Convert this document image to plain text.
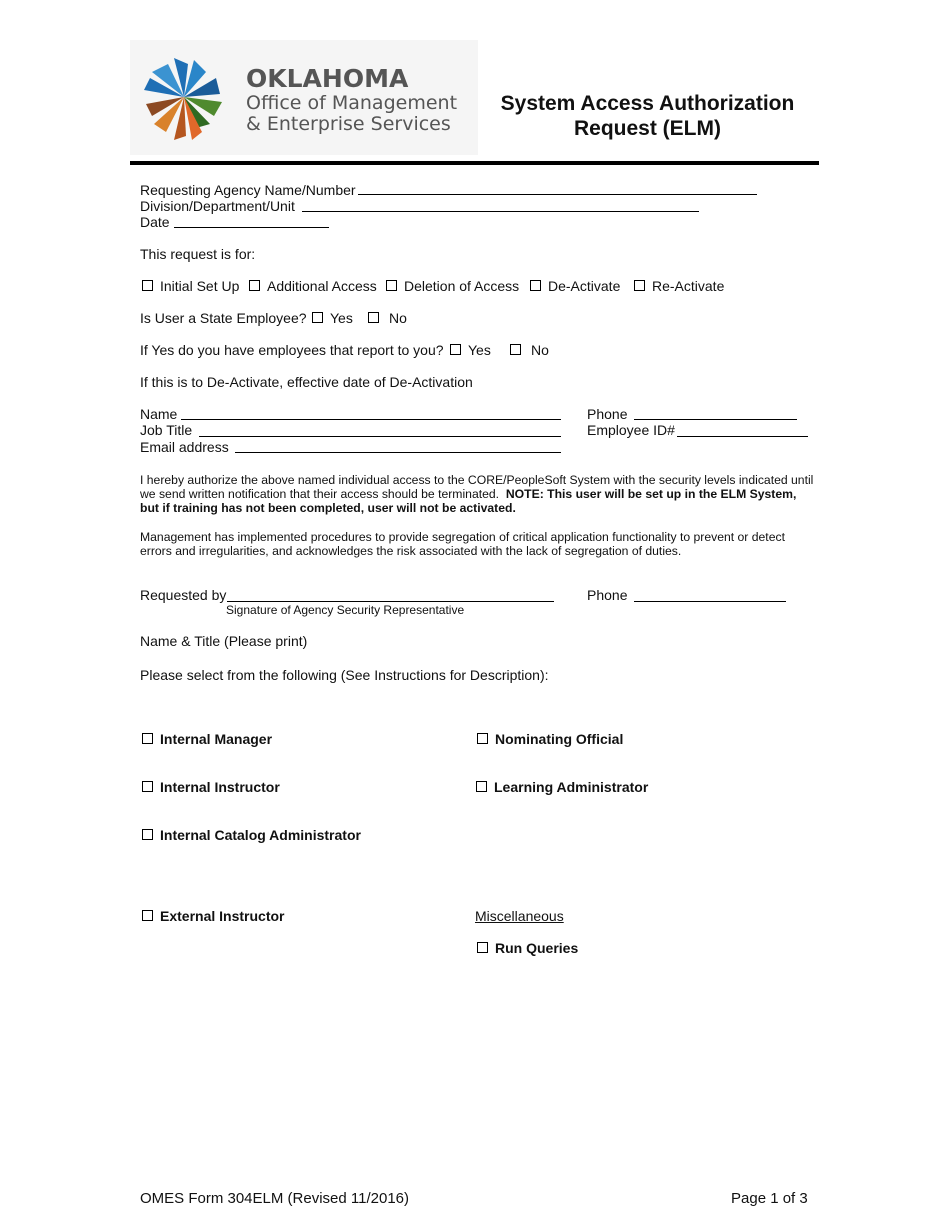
OKLAHOMA
Office of Management
& Enterprise Services
System Access Authorization Request (ELM)
Requesting Agency Name/Number
Division/Department/Unit
Date
This request is for:
Initial Set Up Additional Access Deletion of Access De-Activate Re-Activate
Is User a State Employee? Yes	No
If Yes do you have employees that report to you? Yes	No
If this is to De-Activate, effective date of De-Activation
Name
Job Title
Email address
Phone
Employee ID#
I hereby authorize the above named individual access to the CORE/PeopleSoft System with the security levels indicated until we send written notification that their access should be terminated. NOTE: This user will be set up in the ELM System, but if training has not been completed, user will not be activated.
Management has implemented procedures to provide segregation of critical application functionality to prevent or detect errors and irregularities, and acknowledges the risk associated with the lack of segregation of duties.
Requested by
Signature of Agency Security Representative
Phone
Name & Title (Please print)
Please select from the following (See Instructions for Description):
Internal Manager	Nominating Official
Internal Instructor	Learning Administrator
Internal Catalog Administrator
External Instructor	Miscellaneous
Run Queries
OMES Form 304ELM (Revised 11/2016)	Page 1 of 3
